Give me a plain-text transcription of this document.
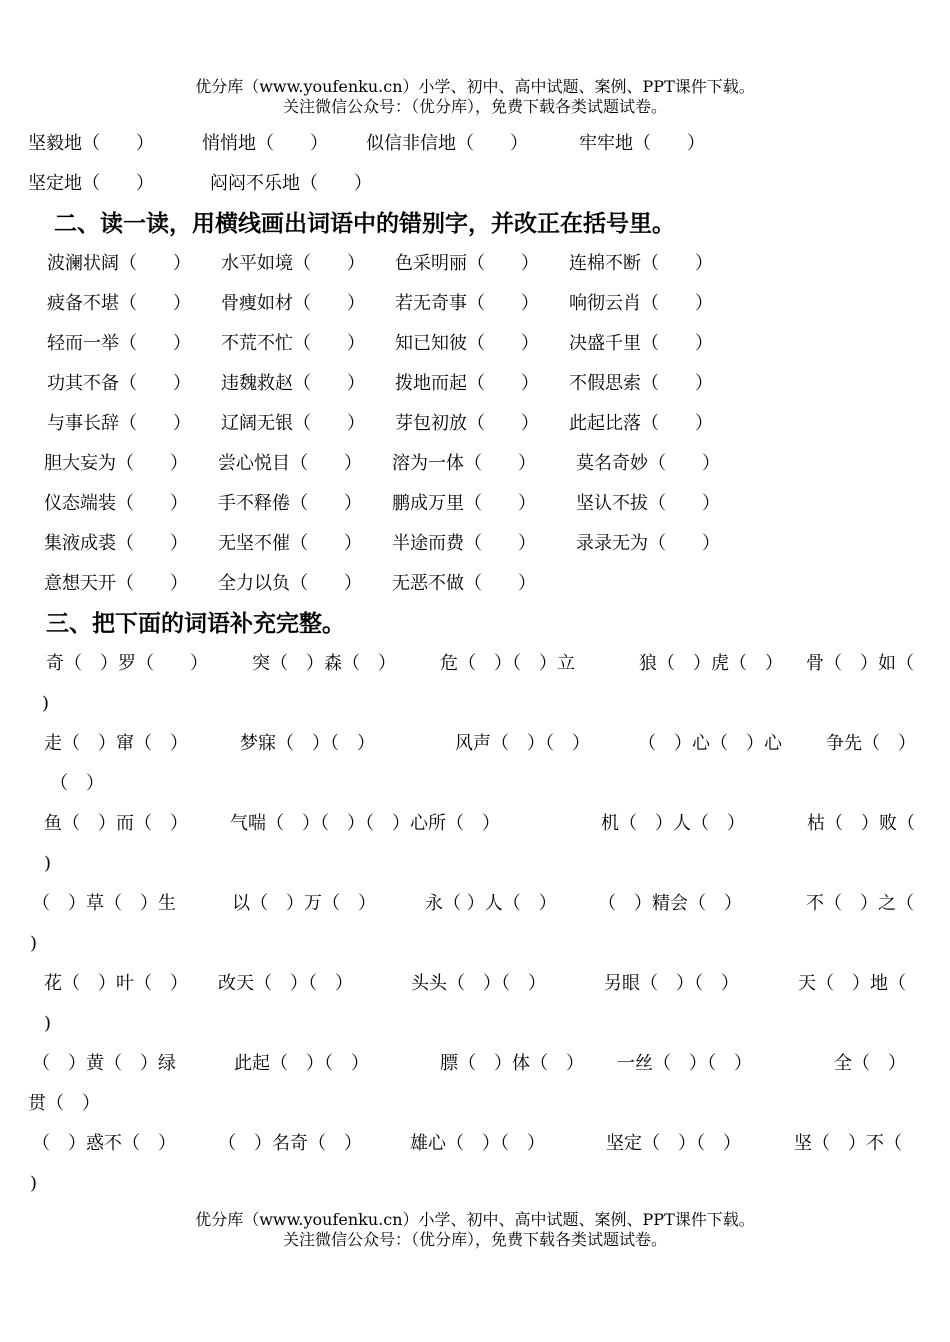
优分库（www.youfenku.cn）小学、初中、高中试题、案例、PPT课件下载。
关注微信公众号：（优分库），免费下载各类试题试卷。
坚毅地（　　）	悄悄地（　　） 似信非信地（　　）	牢牢地（　　）
坚定地（　　）	闷闷不乐地（　　）
二、读一读，用横线画出词语中的错别字，并改正在括号里。
波澜状阔（　　） 水平如境（　　） 色采明丽（　　） 连棉不断（　　）
疲备不堪（　　） 骨痩如材（　　） 若无奇事（　　） 响彻云肖（　　）
轻而一举（　　） 不荒不忙（　　） 知已知彼（　　） 决盛千里（　　）
功其不备（　　） 违魏救赵（　　） 拨地而起（　　） 不假思索（　　）
与事长辞（　　） 辽阔无银（　　） 芽包初放（　　） 此起比落（　　）
胆大妄为（　　） 尝心悦目（　　） 溶为一体（　　） 莫名奇妙（　　）
仪态端装（　　） 手不释倦（　　） 鹏成万里（　　） 坚认不拔（　　）
集液成裘（　　） 无坚不催（　　） 半途而费（　　） 录录无为（　　）
意想天开（　　） 全力以负（　　） 无恶不做（　　）
三、把下面的词语补充完整。
奇（　）罗（　　） 突（　）森（　） 危（　）（　）立	狼（　）虎（　） 骨（　）如（
)
走（　）窜（　）	梦寐（　）（　）	风声（　）（　）	（　）心（　）心 争先（　）
（　）
鱼（　）而（　） 气喘（　）（　）（　）心所（　）	机（　）人（　）	枯（　）败（
)
（　）草（　）生	以（　）万（　）	永（ ）人（　） （　）精会（　）	不（　）之（
)
花（　）叶（　） 改天（　）（　）	头头（　）（　）	另眼（　）（　）	天（　）地（
)
（　）黄（　）绿	此起（　）（　）	膘（　）体（　） 一丝（　）（　）	全（　）
贯（　）
（　）惑不（　） （　）名奇（　）	雄心（　）（　）	坚定（　）（　）	坚（　）不（
)
优分库（www.youfenku.cn）小学、初中、高中试题、案例、PPT课件下载。
关注微信公众号：（优分库），免费下载各类试题试卷。
